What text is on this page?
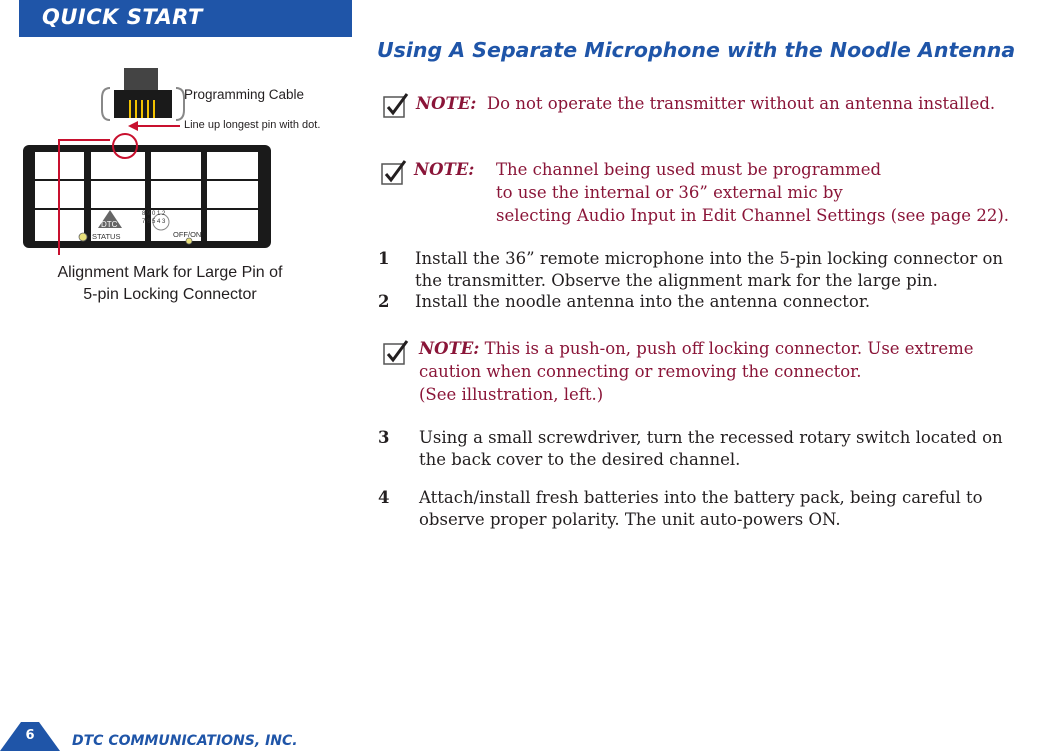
QUICK START
Using A Separate Microphone with the Noodle Antenna
Programming Cable
Line up longest pin with dot.
DTC
8 9 0 1 2 7 6 5 4 3
STATUS	OFF/ON
Alignment Mark for Large Pin of
5-pin Locking Connector
NOTE: Do not operate the transmitter without an antenna installed.
NOTE: The channel being used must be programmed
to use the internal or 36” external mic by
selecting Audio Input in Edit Channel Settings (see page 22).
1 Install the 36” remote microphone into the 5-pin locking connector on
the transmitter. Observe the alignment mark for the large pin.
2 Install the noodle antenna into the antenna connector.
NOTE: This is a push-on, push off locking connector. Use extreme
caution when connecting or removing the connector.
(See illustration, left.)
3 Using a small screwdriver, turn the recessed rotary switch located on
the back cover to the desired channel.
4 Attach/install fresh batteries into the battery pack, being careful to
observe proper polarity. The unit auto-powers ON.
6	DTC COMMUNICATIONS, INC.
